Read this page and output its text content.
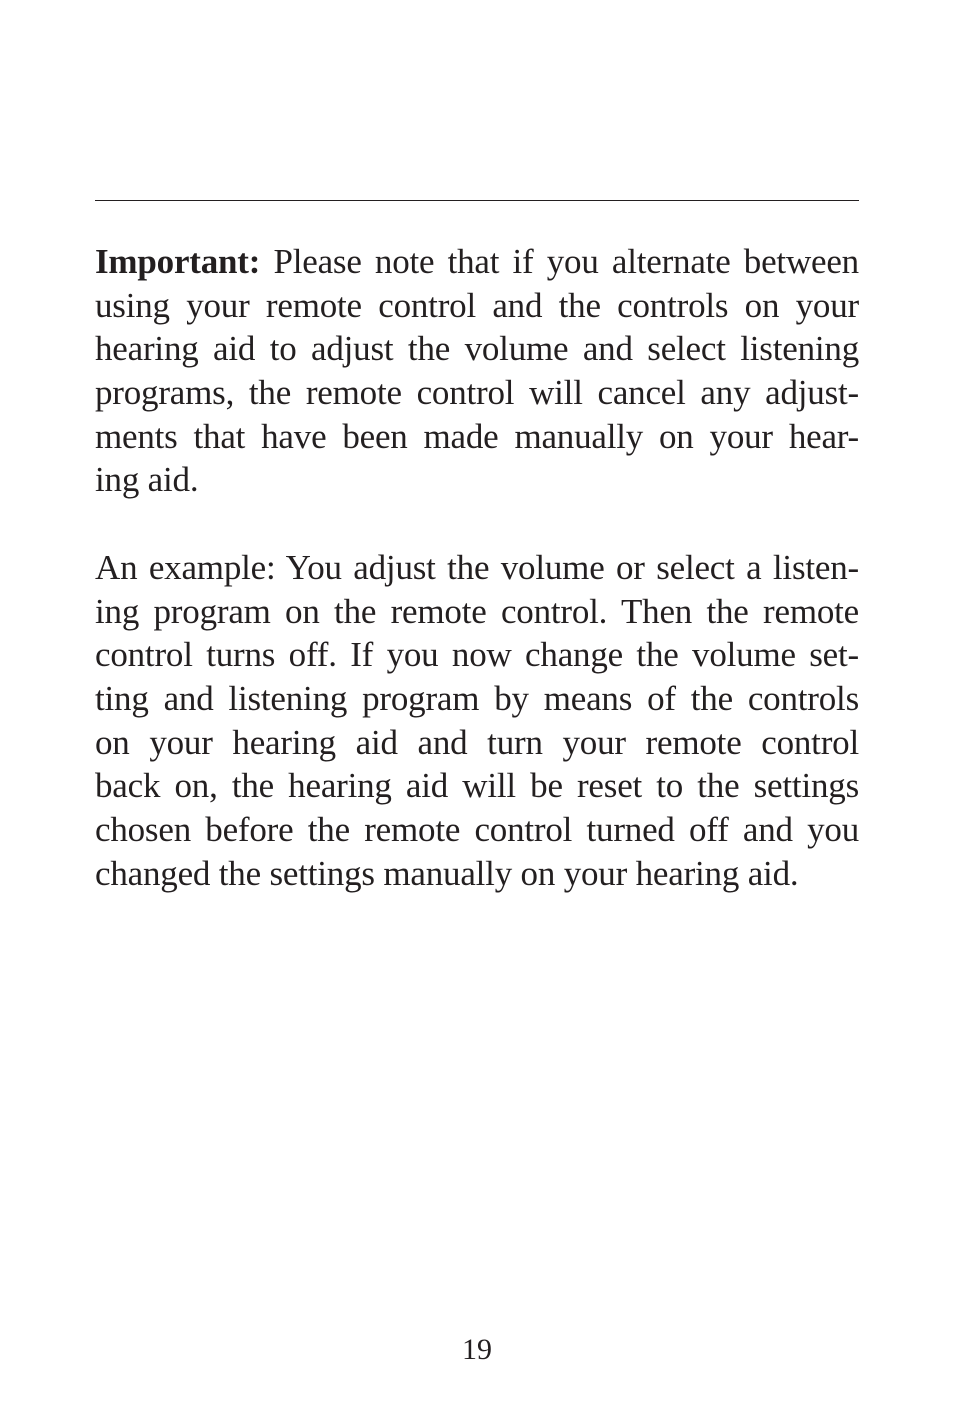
Important: Please note that if you alternate between
using your remote control and the controls on your
hearing aid to adjust the volume and select listening
programs, the remote control will cancel any adjust-
ments that have been made manually on your hear-
ing aid.
An example: You adjust the volume or select a listen-
ing program on the remote control. Then the remote
control turns off. If you now change the volume set-
ting and listening program by means of the controls
on your hearing aid and turn your remote control
back on, the hearing aid will be reset to the settings
chosen before the remote control turned off and you
changed the settings manually on your hearing aid.
19
